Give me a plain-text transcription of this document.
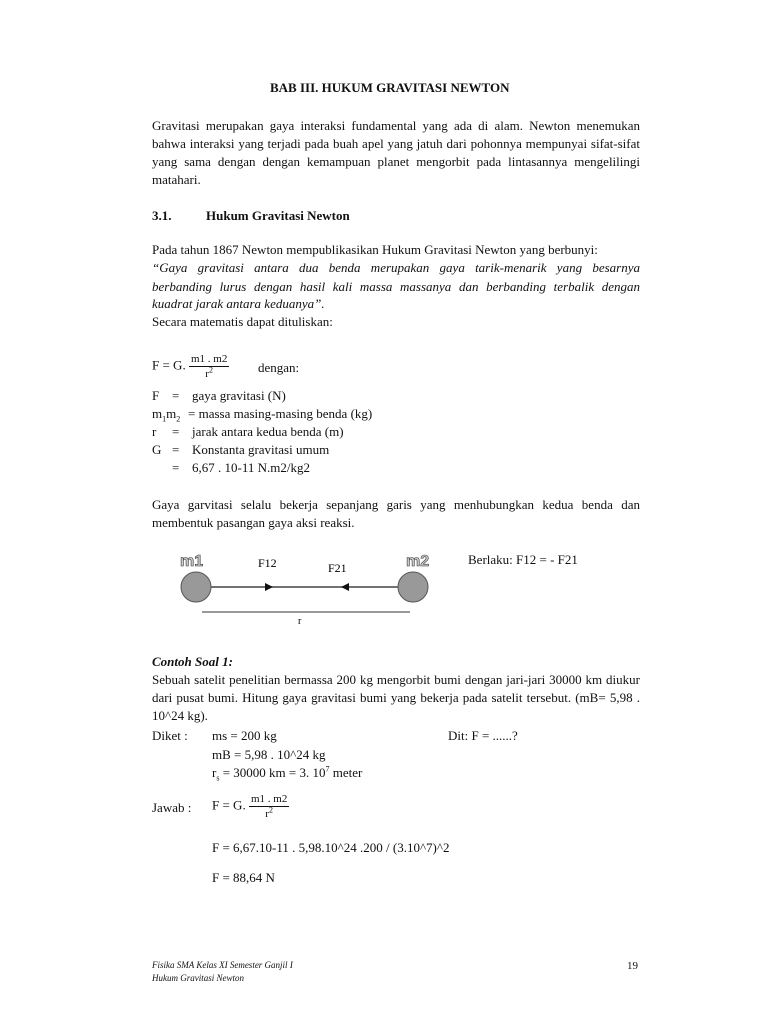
BAB III. HUKUM GRAVITASI NEWTON
Gravitasi merupakan gaya interaksi fundamental yang ada di alam. Newton menemukan
bahwa interaksi yang terjadi pada buah apel yang jatuh dari pohonnya mempunyai sifat-sifat
yang sama dengan dengan kemampuan planet mengorbit pada lintasannya mengelilingi
matahari.
3.1.	Hukum Gravitasi Newton
Pada tahun 1867 Newton mempublikasikan Hukum Gravitasi Newton yang berbunyi:
“Gaya gravitasi antara dua benda merupakan gaya tarik-menarik yang besarnya
berbanding lurus dengan hasil kali massa massanya dan berbanding terbalik dengan
kuadrat jarak antara keduanya”.
Secara matematis dapat dituliskan:
F = G. $\frac{m1 . m2}{r^2}$ dengan:
F = gaya gravitasi (N)
$m_1m_2$ = massa masing-masing benda (kg)
r = jarak antara kedua benda (m)
G = Konstanta gravitasi umum
= 6,67 . 10-11 N.m2/kg2
Gaya garvitasi selalu bekerja sepanjang garis yang menhubungkan kedua benda dan
membentuk pasangan gaya aksi reaksi.
m1	m2
F12	F21
r
Berlaku: F12 = - F21
Contoh Soal 1:
Sebuah satelit penelitian bermassa 200 kg mengorbit bumi dengan jari-jari 30000 km diukur
dari pusat bumi. Hitung gaya gravitasi bumi yang bekerja pada satelit tersebut. (mB= 5,98 .
10^24 kg).
Diket : ms = 200 kg
mB = 5,98 . 10^24 kg
$r_s = 30000$ km = 3. $10^7$ meter
Dit: F = ......?
Jawab : F = G. $\frac{m1 . m2}{r^2}$
F = 6,67.10-11 . 5,98.10^24 .200 / (3.10^7)^2
F = 88,64 N
Fisika SMA Kelas XI Semester Ganjil I
Hukum Gravitasi Newton
19
